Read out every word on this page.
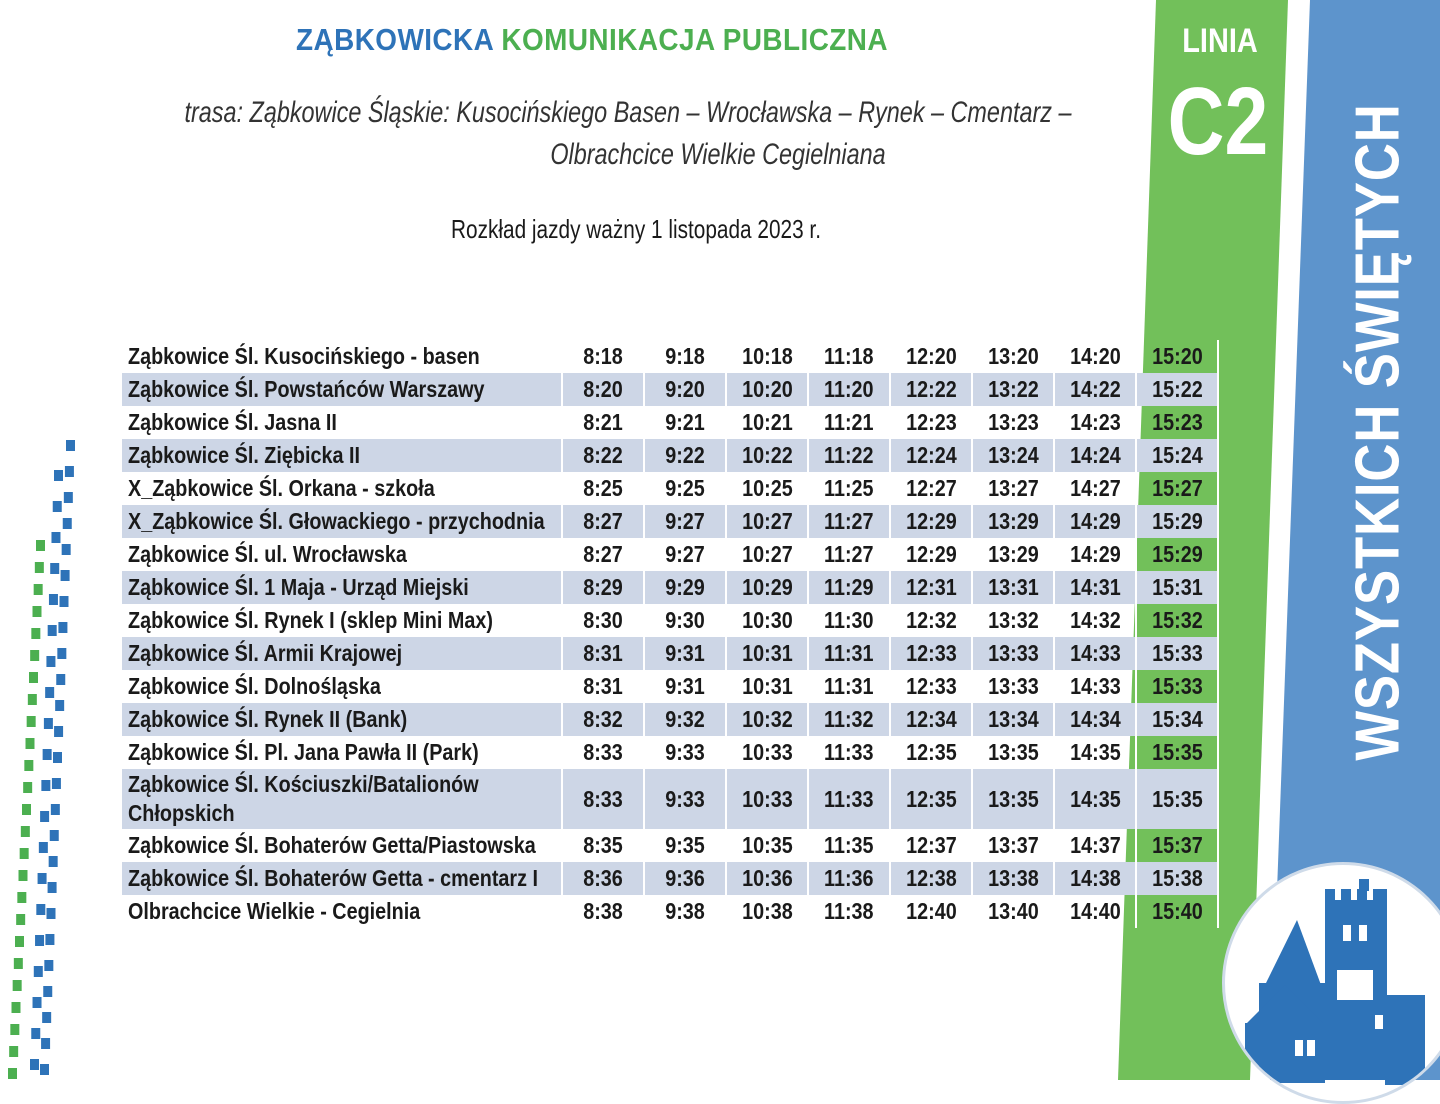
ZĄBKOWICKA KOMUNIKACJA PUBLICZNA
trasa: Ząbkowice Śląskie: Kusocińskiego Basen – Wrocławska – Rynek – Cmentarz –
Olbrachcice Wielkie Cegielniana
Rozkład jazdy ważny 1 listopada 2023 r.
LINIA
C2 WSZYSTKICH ŚWIĘTYCH
Ząbkowice Śl. Kusocińskiego - basen	8:18	9:18	10:18	11:18	12:20	13:20	14:20	15:20
Ząbkowice Śl. Powstańców Warszawy	8:20	9:20	10:20	11:20	12:22	13:22	14:22	15:22
Ząbkowice Śl. Jasna II	8:21	9:21	10:21	11:21	12:23	13:23	14:23	15:23
Ząbkowice Śl. Ziębicka II	8:22	9:22	10:22	11:22	12:24	13:24	14:24	15:24
X_Ząbkowice Śl. Orkana - szkoła	8:25	9:25	10:25	11:25	12:27	13:27	14:27	15:27
X_Ząbkowice Śl. Głowackiego - przychodnia	8:27	9:27	10:27	11:27	12:29	13:29	14:29	15:29
Ząbkowice Śl. ul. Wrocławska	8:27	9:27	10:27	11:27	12:29	13:29	14:29	15:29
Ząbkowice Śl. 1 Maja - Urząd Miejski	8:29	9:29	10:29	11:29	12:31	13:31	14:31	15:31
Ząbkowice Śl. Rynek I (sklep Mini Max)	8:30	9:30	10:30	11:30	12:32	13:32	14:32	15:32
Ząbkowice Śl. Armii Krajowej	8:31	9:31	10:31	11:31	12:33	13:33	14:33	15:33
Ząbkowice Śl. Dolnośląska	8:31	9:31	10:31	11:31	12:33	13:33	14:33	15:33
Ząbkowice Śl. Rynek II (Bank)	8:32	9:32	10:32	11:32	12:34	13:34	14:34	15:34
Ząbkowice Śl. Pl. Jana Pawła II (Park)	8:33	9:33	10:33	11:33	12:35	13:35	14:35	15:35
Ząbkowice Śl. Kościuszki/Batalionów
Chłopskich	8:33	9:33	10:33	11:33	12:35	13:35	14:35	15:35
Ząbkowice Śl. Bohaterów Getta/Piastowska	8:35	9:35	10:35	11:35	12:37	13:37	14:37	15:37
Ząbkowice Śl. Bohaterów Getta - cmentarz I	8:36	9:36	10:36	11:36	12:38	13:38	14:38	15:38
Olbrachcice Wielkie - Cegielnia	8:38	9:38	10:38	11:38	12:40	13:40	14:40	15:40
